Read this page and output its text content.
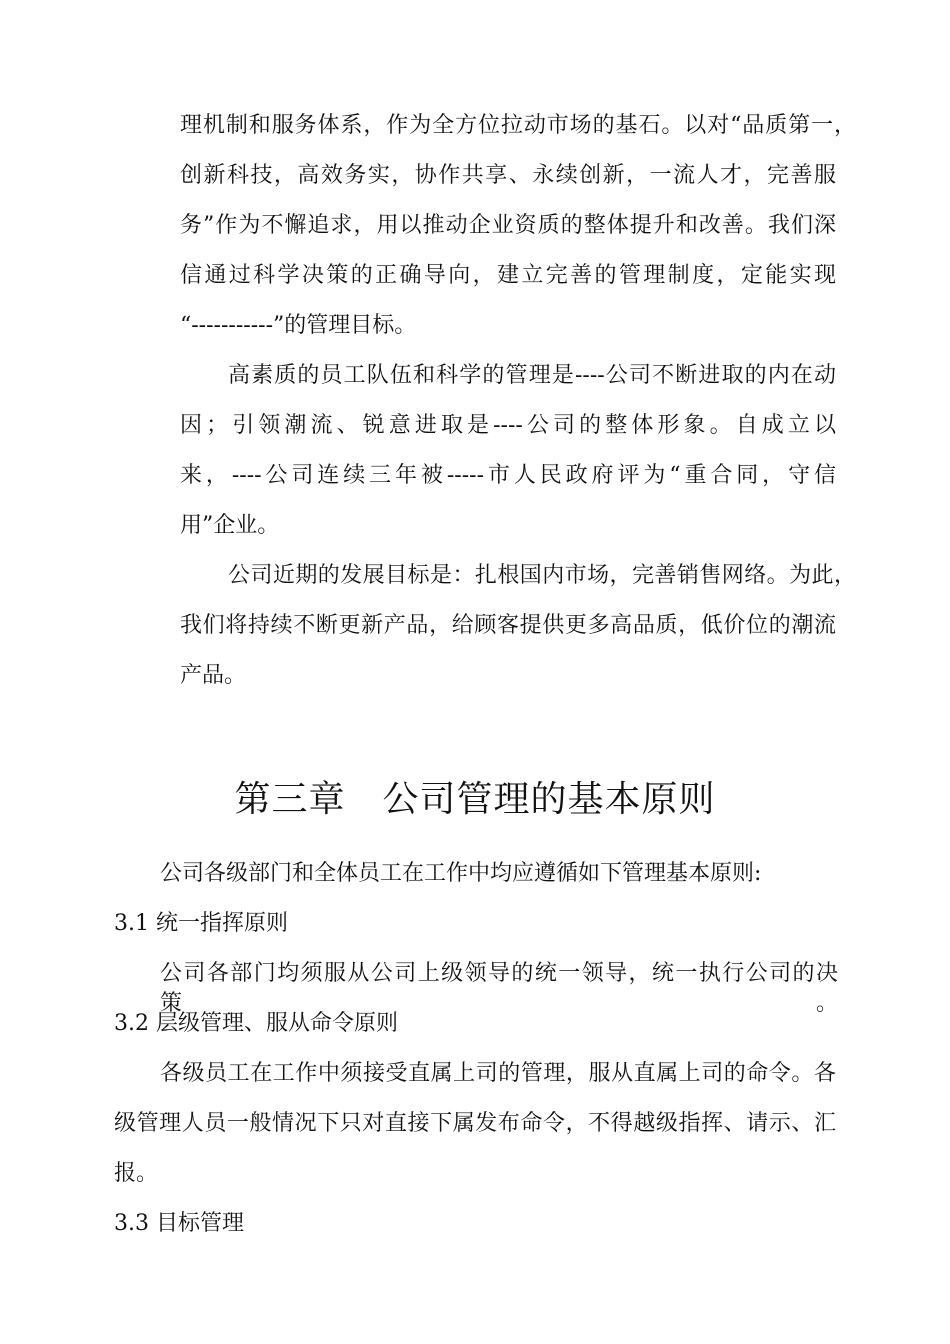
理机制和服务体系，作为全方位拉动市场的基石。以对“品质第一，
创新科技，高效务实，协作共享、永续创新，一流人才，完善服
务”作为不懈追求，用以推动企业资质的整体提升和改善。我们深
信通过科学决策的正确导向，建立完善的管理制度，定能实现
“-----------”的管理目标。
高素质的员工队伍和科学的管理是----公司不断进取的内在动
因；引领潮流、锐意进取是----公司的整体形象。自成立以
来，----公司连续三年被-----市人民政府评为“重合同，守信
用”企业。
公司近期的发展目标是：扎根国内市场，完善销售网络。为此，
我们将持续不断更新产品，给顾客提供更多高品质，低价位的潮流
产品。
第三章　公司管理的基本原则
公司各级部门和全体员工在工作中均应遵循如下管理基本原则:
3.1 统一指挥原则
公司各部门均须服从公司上级领导的统一领导，统一执行公司的决策。
3.2 层级管理、服从命令原则
各级员工在工作中须接受直属上司的管理，服从直属上司的命令。各
级管理人员一般情况下只对直接下属发布命令，不得越级指挥、请示、汇
报。
3.3 目标管理
